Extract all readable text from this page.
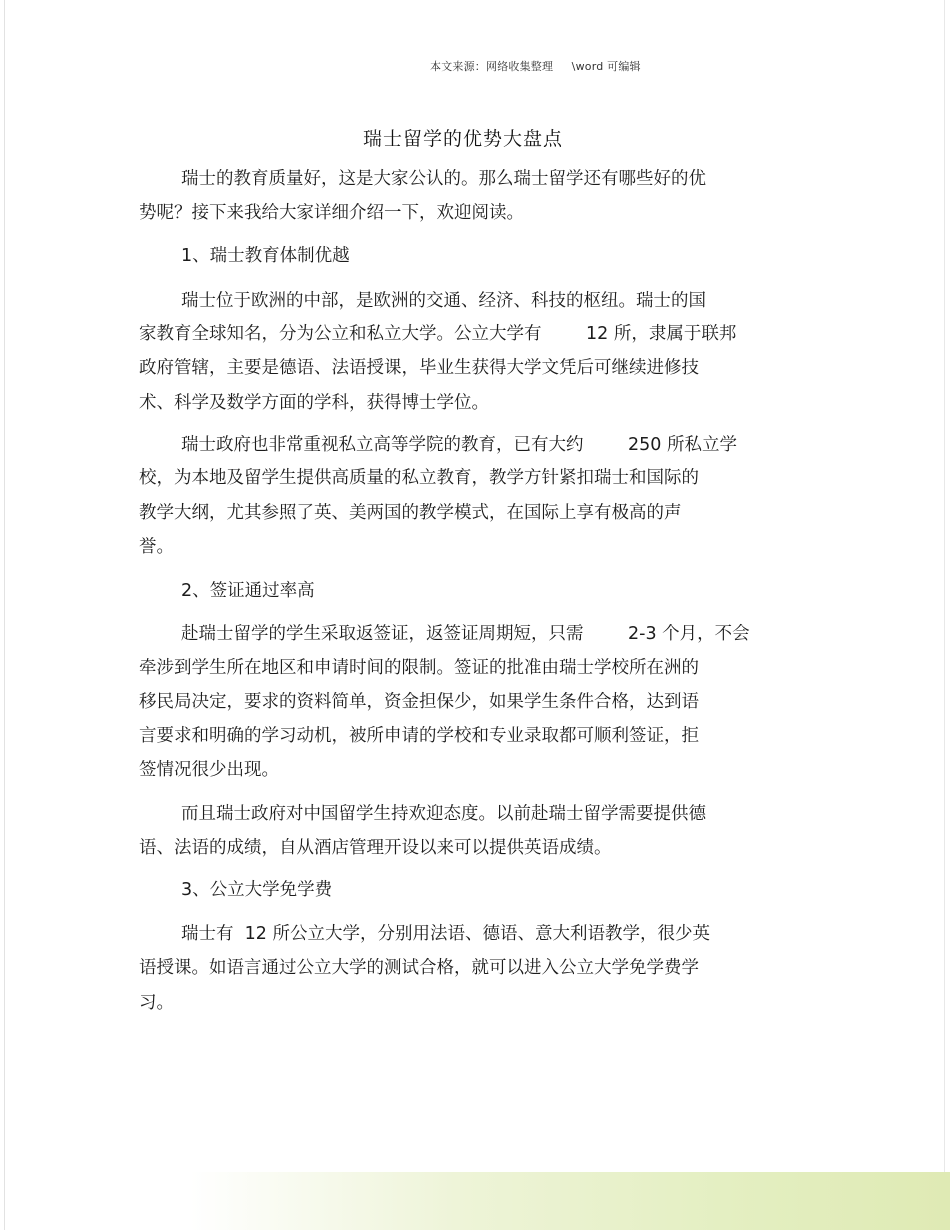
本文来源：网络收集整理     \word 可编辑
瑞士留学的优势大盘点
瑞士的教育质量好，这是大家公认的。那么瑞士留学还有哪些好的优
势呢？接下来我给大家详细介绍一下，欢迎阅读。
1、瑞士教育体制优越
瑞士位于欧洲的中部，是欧洲的交通、经济、科技的枢纽。瑞士的国
家教育全球知名，分为公立和私立大学。公立大学有        12 所，隶属于联邦
政府管辖，主要是德语、法语授课，毕业生获得大学文凭后可继续进修技
术、科学及数学方面的学科，获得博士学位。
瑞士政府也非常重视私立高等学院的教育，已有大约        250 所私立学
校，为本地及留学生提供高质量的私立教育，教学方针紧扣瑞士和国际的
教学大纲，尤其参照了英、美两国的教学模式，在国际上享有极高的声
誉。
2、签证通过率高
赴瑞士留学的学生采取返签证，返签证周期短，只需        2-3 个月，不会
牵涉到学生所在地区和申请时间的限制。签证的批准由瑞士学校所在洲的
移民局决定，要求的资料简单，资金担保少，如果学生条件合格，达到语
言要求和明确的学习动机，被所申请的学校和专业录取都可顺利签证，拒
签情况很少出现。
而且瑞士政府对中国留学生持欢迎态度。以前赴瑞士留学需要提供德
语、法语的成绩，自从酒店管理开设以来可以提供英语成绩。
3、公立大学免学费
瑞士有  12 所公立大学，分别用法语、德语、意大利语教学，很少英
语授课。如语言通过公立大学的测试合格，就可以进入公立大学免学费学
习。
